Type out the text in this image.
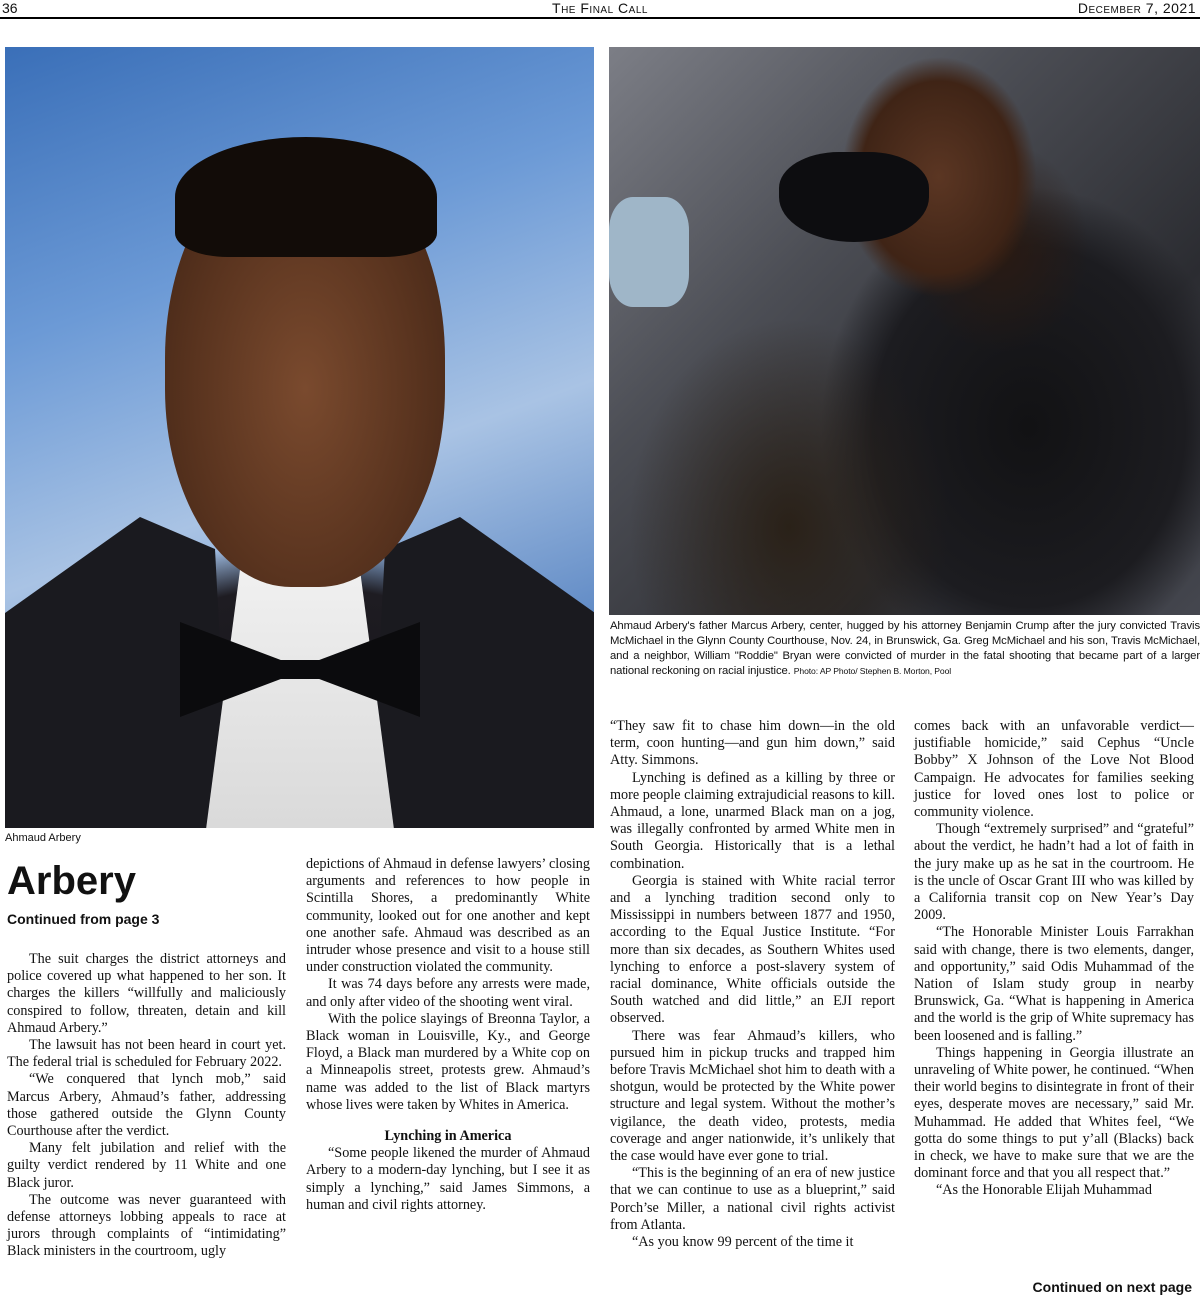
36	The Final Call	December 7, 2021
Ahmaud Arbery
Ahmaud Arbery's father Marcus Arbery, center, hugged by his attorney Benjamin Crump after the jury convicted Travis McMichael in the Glynn County Courthouse, Nov. 24, in Brunswick, Ga. Greg McMichael and his son, Travis McMichael, and a neighbor, William "Roddie" Bryan were convicted of murder in the fatal shooting that became part of a larger national reckoning on racial injustice. Photo: AP Photo/ Stephen B. Morton, Pool
Arbery
Continued from page 3

The suit charges the district attorneys and police covered up what happened to her son. It charges the killers “willfully and maliciously conspired to follow, threaten, detain and kill Ahmaud Arbery.”

The lawsuit has not been heard in court yet. The federal trial is scheduled for February 2022.

“We conquered that lynch mob,” said Marcus Arbery, Ahmaud’s father, addressing those gathered outside the Glynn County Courthouse after the verdict.

Many felt jubilation and relief with the guilty verdict rendered by 11 White and one Black juror.

The outcome was never guaranteed with defense attorneys lobbing appeals to race at jurors through complaints of “intimidating” Black ministers in the courtroom, ugly

depictions of Ahmaud in defense lawyers’ closing arguments and references to how people in Scintilla Shores, a predominantly White community, looked out for one another and kept one another safe. Ahmaud was described as an intruder whose presence and visit to a house still under construction violated the community.

It was 74 days before any arrests were made, and only after video of the shooting went viral.

With the police slayings of Breonna Taylor, a Black woman in Louisville, Ky., and George Floyd, a Black man murdered by a White cop on a Minneapolis street, protests grew. Ahmaud’s name was added to the list of Black martyrs whose lives were taken by Whites in America.

Lynching in America

“Some people likened the murder of Ahmaud Arbery to a modern-day lynching, but I see it as simply a lynching,” said James Simmons, a human and civil rights attorney.

“They saw fit to chase him down—in the old term, coon hunting—and gun him down,” said Atty. Simmons.

Lynching is defined as a killing by three or more people claiming extrajudicial reasons to kill. Ahmaud, a lone, unarmed Black man on a jog, was illegally confronted by armed White men in South Georgia. Historically that is a lethal combination.

Georgia is stained with White racial terror and a lynching tradition second only to Mississippi in numbers between 1877 and 1950, according to the Equal Justice Institute. “For more than six decades, as Southern Whites used lynching to enforce a post-slavery system of racial dominance, White officials outside the South watched and did little,” an EJI report observed.

There was fear Ahmaud’s killers, who pursued him in pickup trucks and trapped him before Travis McMichael shot him to death with a shotgun, would be protected by the White power structure and legal system. Without the mother’s vigilance, the death video, protests, media coverage and anger nationwide, it’s unlikely that the case would have ever gone to trial.

“This is the beginning of an era of new justice that we can continue to use as a blueprint,” said Porch’se Miller, a national civil rights activist from Atlanta.

“As you know 99 percent of the time it

comes back with an unfavorable verdict—justifiable homicide,” said Cephus “Uncle Bobby” X Johnson of the Love Not Blood Campaign. He advocates for families seeking justice for loved ones lost to police or community violence.

Though “extremely surprised” and “grateful” about the verdict, he hadn’t had a lot of faith in the jury make up as he sat in the courtroom. He is the uncle of Oscar Grant III who was killed by a California transit cop on New Year’s Day 2009.

“The Honorable Minister Louis Farrakhan said with change, there is two elements, danger, and opportunity,” said Odis Muhammad of the Nation of Islam study group in nearby Brunswick, Ga. “What is happening in America and the world is the grip of White supremacy has been loosened and is falling.”

Things happening in Georgia illustrate an unraveling of White power, he continued. “When their world begins to disintegrate in front of their eyes, desperate moves are necessary,” said Mr. Muhammad. He added that Whites feel, “We gotta do some things to put y’all (Blacks) back in check, we have to make sure that we are the dominant force and that you all respect that.”

“As the Honorable Elijah Muhammad

Continued on next page
